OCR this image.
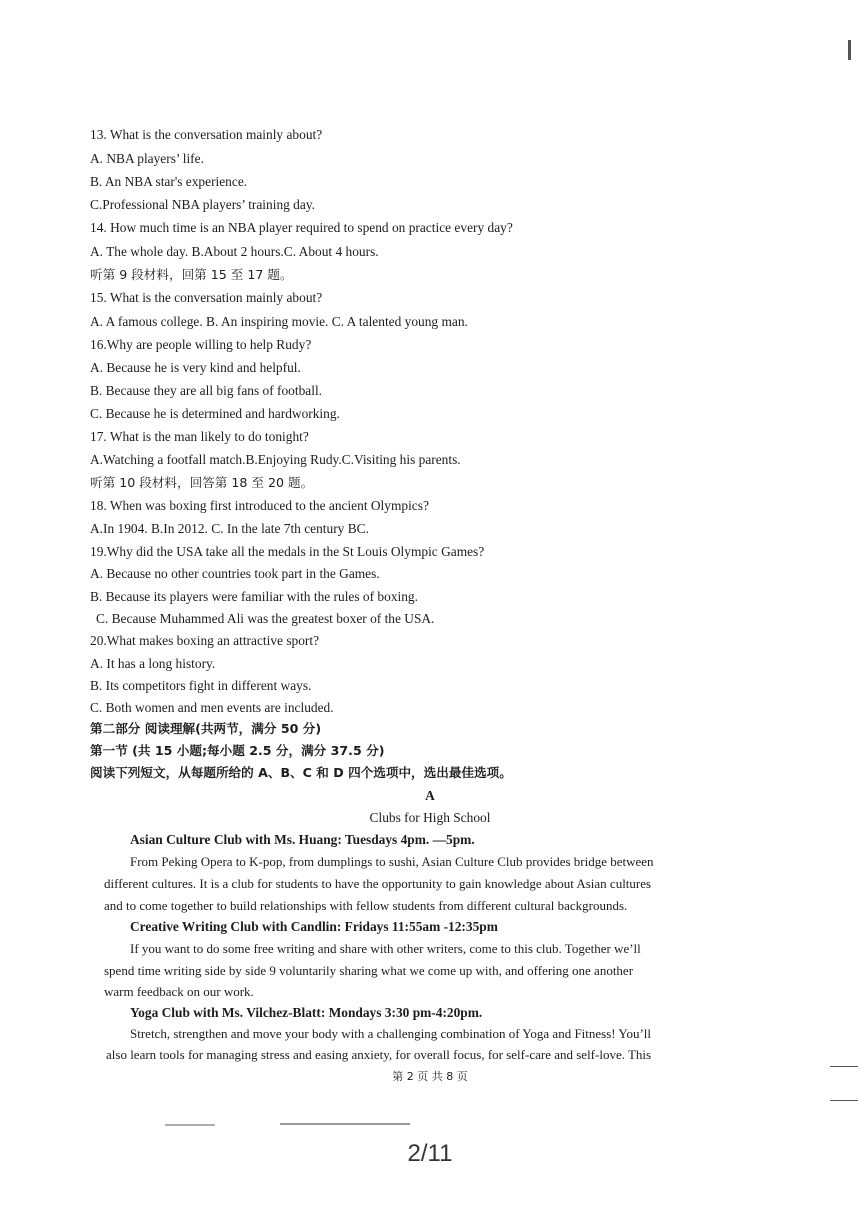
13. What is the conversation mainly about?
A. NBA players’ life.
B. An NBA star's experience.
C.Professional NBA players’ training day.
14. How much time is an NBA player required to spend on practice every day?
A. The whole day. B.About 2 hours.C. About 4 hours.
听第 9 段材料，回第 15 至 17 题。
15. What is the conversation mainly about?
A. A famous college. B. An inspiring movie. C. A talented young man.
16.Why are people willing to help Rudy?
A. Because he is very kind and helpful.
B. Because they are all big fans of football.
C. Because he is determined and hardworking.
17. What is the man likely to do tonight?
A.Watching a footfall match.B.Enjoying Rudy.C.Visiting his parents.
听第 10 段材料，回答第 18 至 20 题。
18. When was boxing first introduced to the ancient Olympics?
A.In 1904. B.In 2012. C. In the late 7th century BC.
19.Why did the USA take all the medals in the St Louis Olympic Games?
A. Because no other countries took part in the Games.
B. Because its players were familiar with the rules of boxing.
C. Because Muhammed Ali was the greatest boxer of the USA.
20.What makes boxing an attractive sport?
A. It has a long history.
B. Its competitors fight in different ways.
C. Both women and men events are included.
第二部分 阅读理解(共两节，满分 50 分)
第一节 (共 15 小题;每小题 2.5 分，满分 37.5 分)
阅读下列短文，从每题所给的 A、B、C 和 D 四个选项中，选出最佳选项。
A
Clubs for High School
Asian Culture Club with Ms. Huang: Tuesdays 4pm. —5pm.
From Peking Opera to K-pop, from dumplings to sushi, Asian Culture Club provides bridge between
different cultures. It is a club for students to have the opportunity to gain knowledge about Asian cultures
and to come together to build relationships with fellow students from different cultural backgrounds.
Creative Writing Club with Candlin: Fridays 11:55am -12:35pm
If you want to do some free writing and share with other writers, come to this club. Together we’ll
spend time writing side by side 9 voluntarily sharing what we come up with, and offering one another
warm feedback on our work.
Yoga Club with Ms. Vilchez-Blatt: Mondays 3:30 pm-4:20pm.
Stretch, strengthen and move your body with a challenging combination of Yoga and Fitness! You’ll
also learn tools for managing stress and easing anxiety, for overall focus, for self-care and self-love. This
第 2 页 共 8 页
2/11
